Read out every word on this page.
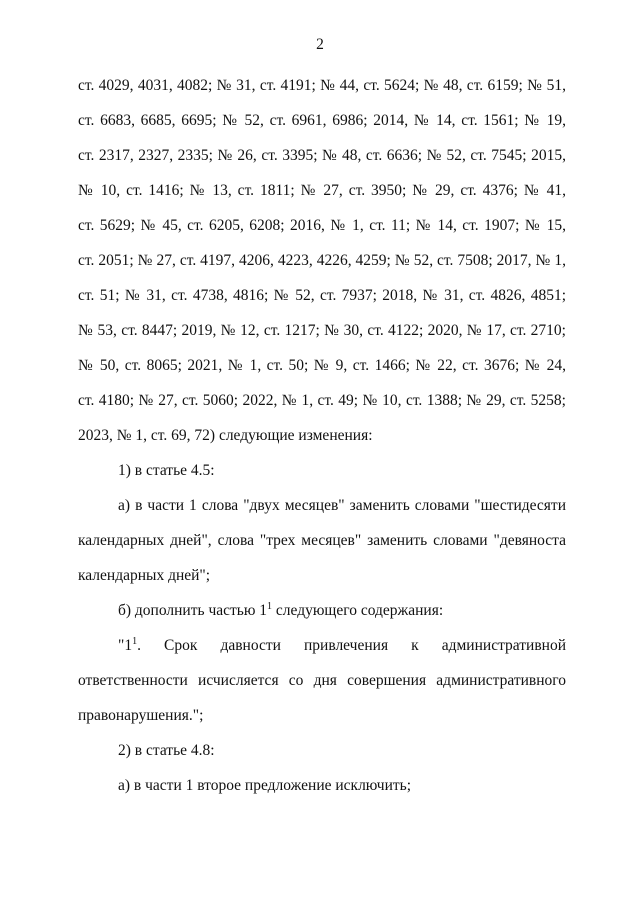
2
ст. 4029, 4031, 4082; № 31, ст. 4191; № 44, ст. 5624; № 48, ст. 6159; № 51,
ст. 6683, 6685, 6695; № 52, ст. 6961, 6986; 2014, № 14, ст. 1561; № 19,
ст. 2317, 2327, 2335; № 26, ст. 3395; № 48, ст. 6636; № 52, ст. 7545; 2015,
№ 10, ст. 1416; № 13, ст. 1811; № 27, ст. 3950; № 29, ст. 4376; № 41,
ст. 5629; № 45, ст. 6205, 6208; 2016, № 1, ст. 11; № 14, ст. 1907; № 15,
ст. 2051; № 27, ст. 4197, 4206, 4223, 4226, 4259; № 52, ст. 7508; 2017, № 1,
ст. 51; № 31, ст. 4738, 4816; № 52, ст. 7937; 2018, № 31, ст. 4826, 4851;
№ 53, ст. 8447; 2019, № 12, ст. 1217; № 30, ст. 4122; 2020, № 17, ст. 2710;
№ 50, ст. 8065; 2021, № 1, ст. 50; № 9, ст. 1466; № 22, ст. 3676; № 24,
ст. 4180; № 27, ст. 5060; 2022, № 1, ст. 49; № 10, ст. 1388; № 29, ст. 5258;
2023, № 1, ст. 69, 72) следующие изменения:
1) в статье 4.5:
а) в части 1 слова "двух месяцев" заменить словами "шестидесяти
календарных дней", слова "трех месяцев" заменить словами "девяноста
календарных дней";
б) дополнить частью $1^1$ следующего содержания:
"$1^1$. Срок давности привлечения к административной
ответственности исчисляется со дня совершения административного
правонарушения.";
2) в статье 4.8:
а) в части 1 второе предложение исключить;
